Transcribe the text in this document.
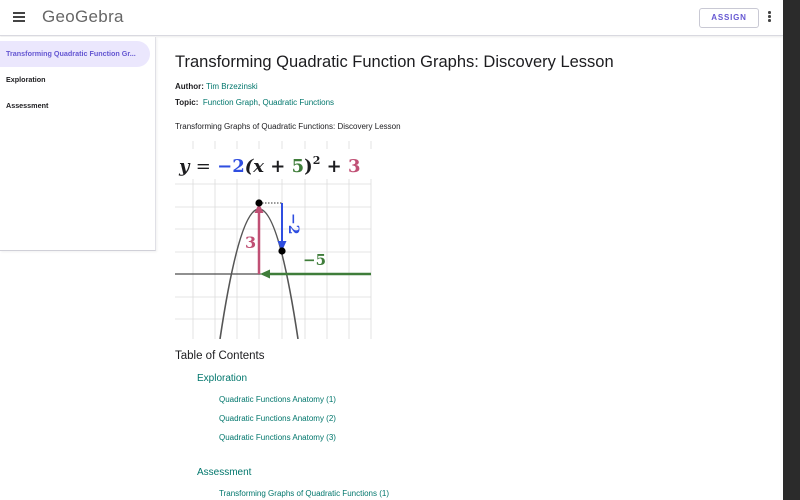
GeoGebra	ASSIGN
Transforming Quadratic Function Gr...
Exploration
Assessment
Transforming Quadratic Function Graphs: Discovery Lesson
Author: Tim Brzezinski
Topic: Function Graph, Quadratic Functions
Transforming Graphs of Quadratic Functions: Discovery Lesson
3
−2
−5
$y = -2(x + 5)^2 + 3$
Table of Contents
Exploration
Quadratic Functions Anatomy (1)
Quadratic Functions Anatomy (2)
Quadratic Functions Anatomy (3)
Assessment
Transforming Graphs of Quadratic Functions (1)
